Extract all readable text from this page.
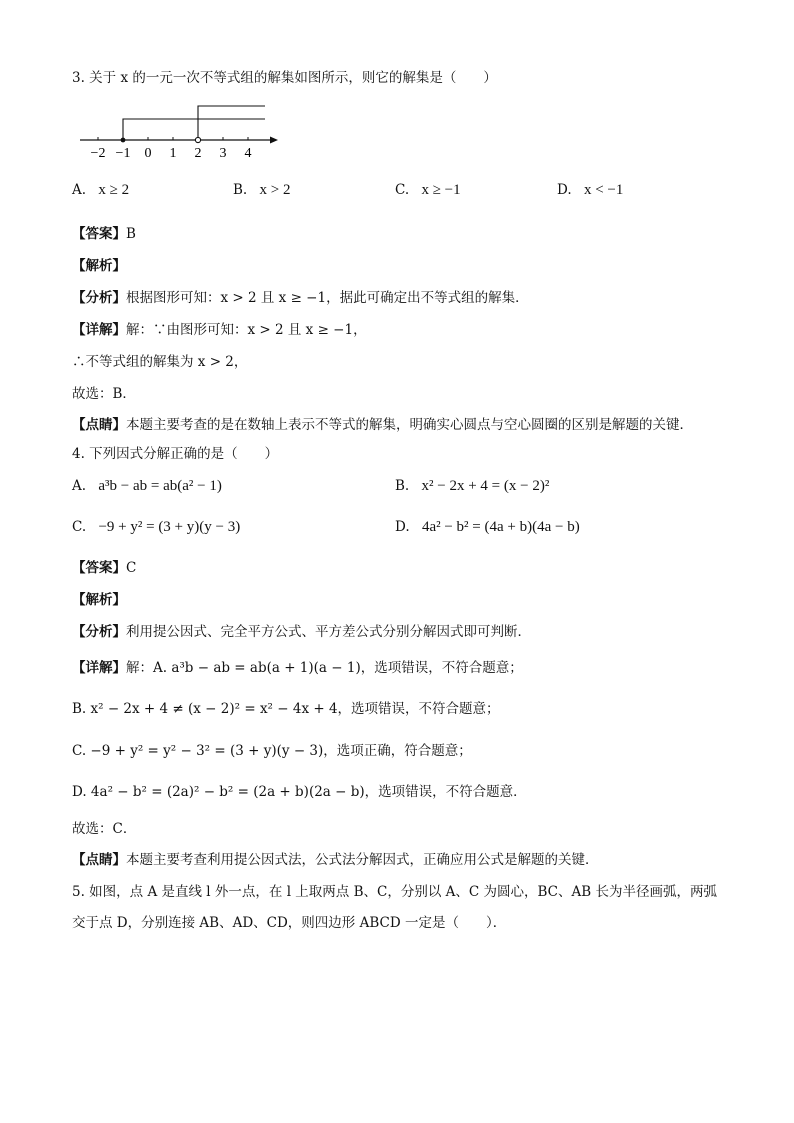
3. 关于 x 的一元一次不等式组的解集如图所示，则它的解集是（　　）
−2 −1 0 1 2 3 4
A. x ≥ 2	B. x > 2	C. x ≥ −1	D. x < −1
【答案】B
【解析】
【分析】根据图形可知：x > 2 且 x ≥ −1，据此可确定出不等式组的解集．
【详解】解：∵由图形可知：x > 2 且 x ≥ −1，
∴不等式组的解集为 x > 2，
故选：B．
【点睛】本题主要考查的是在数轴上表示不等式的解集，明确实心圆点与空心圆圈的区别是解题的关键．
4. 下列因式分解正确的是（　　）
A. a³b − ab = ab(a² − 1)	B. x² − 2x + 4 = (x − 2)²
C. −9 + y² = (3 + y)(y − 3)	D. 4a² − b² = (4a + b)(4a − b)
【答案】C
【解析】
【分析】利用提公因式、完全平方公式、平方差公式分别分解因式即可判断．
【详解】解：A. a³b − ab = ab(a + 1)(a − 1)，选项错误，不符合题意；
B. x² − 2x + 4 ≠ (x − 2)² = x² − 4x + 4，选项错误，不符合题意；
C. −9 + y² = y² − 3² = (3 + y)(y − 3)，选项正确，符合题意；
D. 4a² − b² = (2a)² − b² = (2a + b)(2a − b)，选项错误，不符合题意．
故选：C．
【点睛】本题主要考查利用提公因式法，公式法分解因式，正确应用公式是解题的关键．
5. 如图，点 A 是直线 l 外一点，在 l 上取两点 B、C，分别以 A、C 为圆心，BC、AB 长为半径画弧，两弧
交于点 D，分别连接 AB、AD、CD，则四边形 ABCD 一定是（　　）．
